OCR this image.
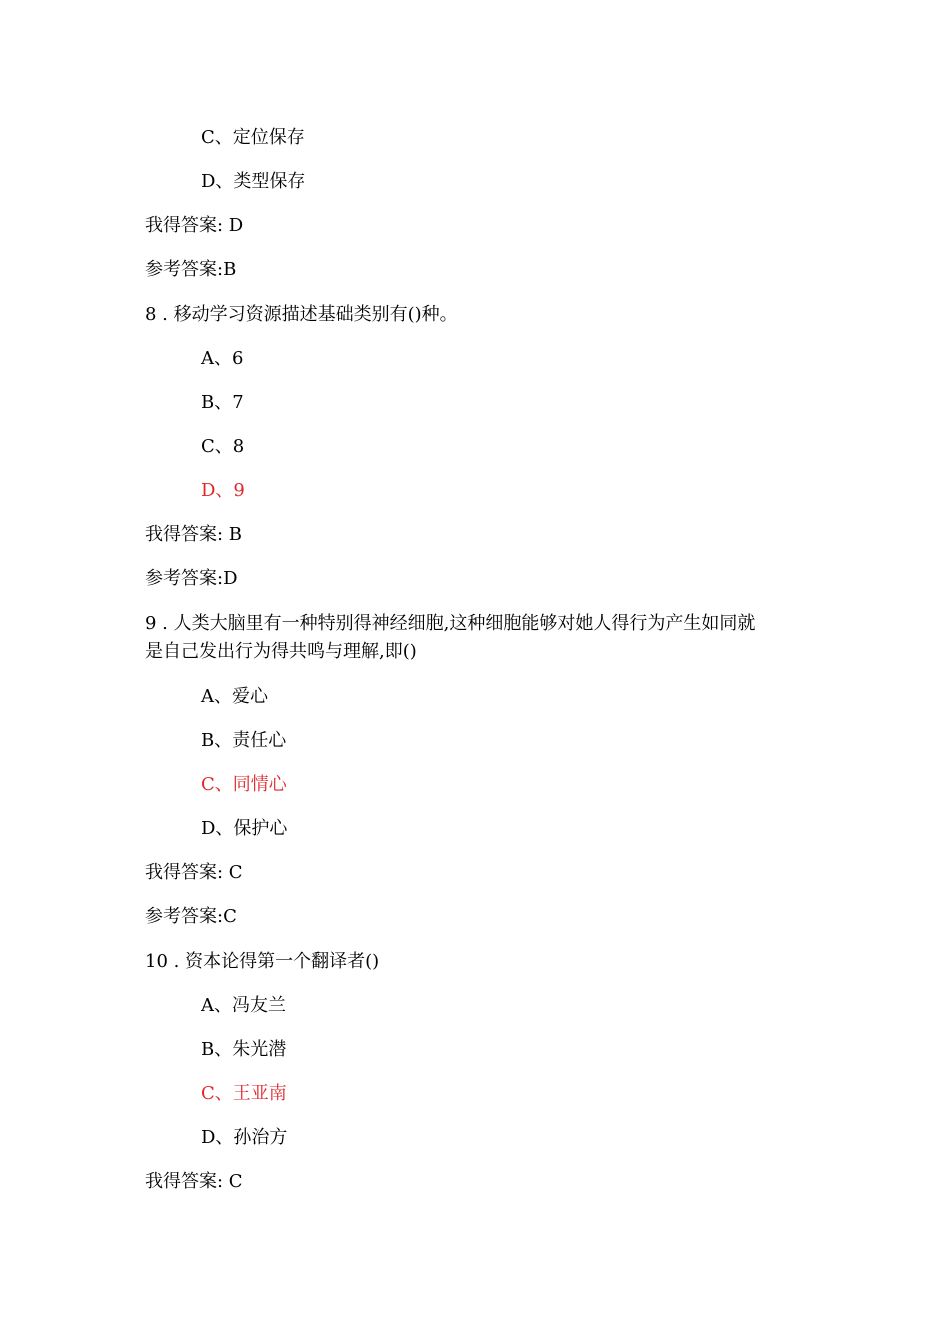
C、定位保存
D、类型保存
我得答案: D
参考答案:B
8 . 移动学习资源描述基础类别有()种。
A、6
B、7
C、8
D、9
我得答案: B
参考答案:D
9 . 人类大脑里有一种特别得神经细胞,这种细胞能够对她人得行为产生如同就
是自己发出行为得共鸣与理解,即()
A、爱心
B、责任心
C、同情心
D、保护心
我得答案: C
参考答案:C
10 . 资本论得第一个翻译者()
A、冯友兰
B、朱光潜
C、王亚南
D、孙治方
我得答案: C
